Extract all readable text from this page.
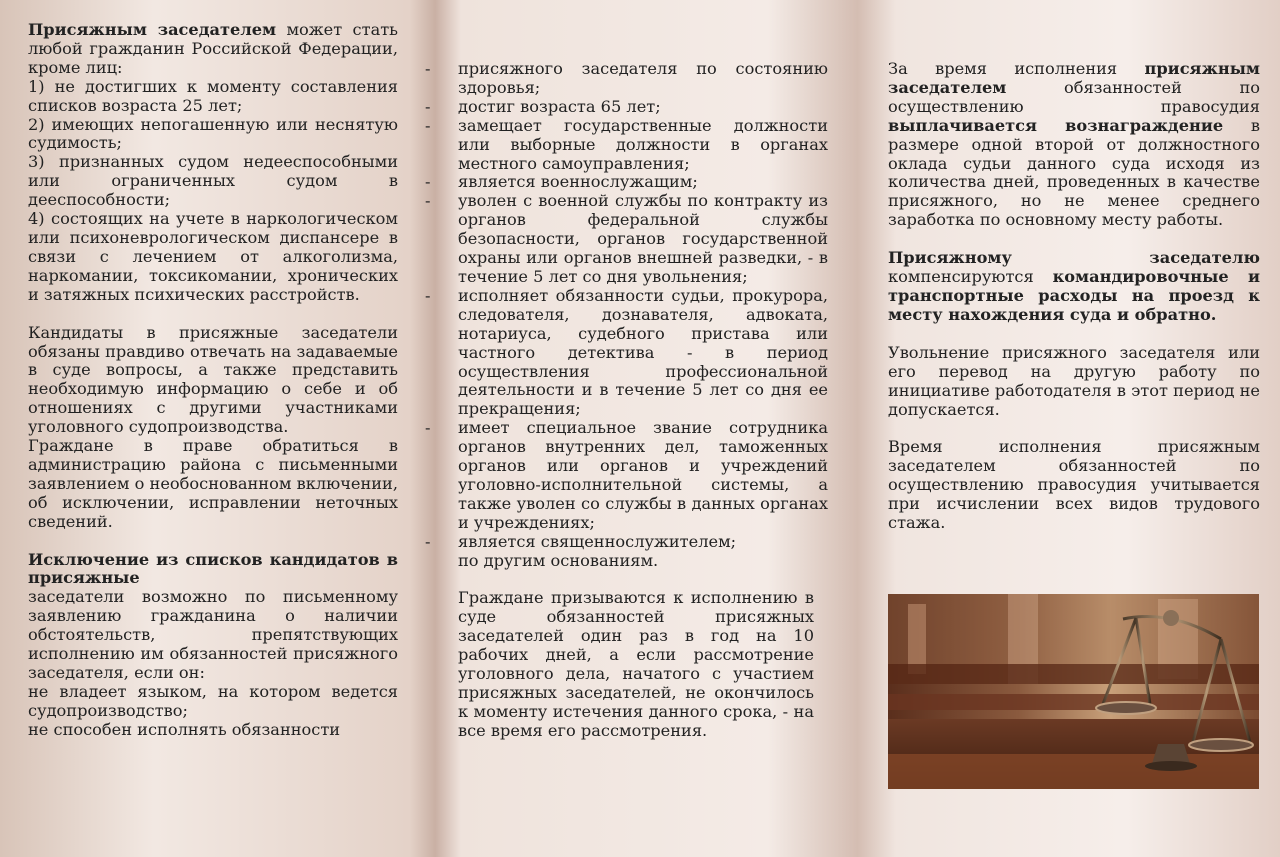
Присяжным заседателем может стать любой гражданин Российской Федерации, кроме лиц:

1) не достигших к моменту составления списков возраста 25 лет;

2) имеющих непогашенную или неснятую судимость;

3) признанных судом недееспособными или ограниченных судом в дееспособности;

4) состоящих на учете в наркологическом или психоневрологическом диспансере в связи с лечением от алкоголизма, наркомании, токсикомании, хронических и затяжных психических расстройств.

Кандидаты в присяжные заседатели обязаны правдиво отвечать на задаваемые в суде вопросы, а также представить необходимую информацию о себе и об отношениях с другими участниками уголовного судопроизводства.

Граждане в праве обратиться в администрацию района с письменными заявлением о необоснованном включении, об исключении, исправлении неточных сведений.

Исключение из списков кандидатов в присяжные

заседатели возможно по письменному заявлению гражданина о наличии обстоятельств, препятствующих исполнению им обязанностей присяжного заседателя, если он:

не владеет языком, на котором ведется судопроизводство;

не способен исполнять обязанности

- присяжного заседателя по состоянию здоровья;

- достиг возраста 65 лет;

- замещает государственные должности или выборные должности в органах местного самоуправления;

- является военнослужащим;

- уволен с военной службы по контракту из органов федеральной службы безопасности, органов государственной охраны или органов внешней разведки, - в течение 5 лет со дня увольнения;

- исполняет обязанности судьи, прокурора, следователя, дознавателя, адвоката, нотариуса, судебного пристава или частного детектива - в период осуществления профессиональной деятельности и в течение 5 лет со дня ее прекращения;

- имеет специальное звание сотрудника органов внутренних дел, таможенных органов или органов и учреждений уголовно-исполнительной системы, а также уволен со службы в данных органах и учреждениях;

- является священнослужителем;

по другим основаниям.

Граждане призываются к исполнению в суде обязанностей присяжных заседателей один раз в год на 10 рабочих дней, а если рассмотрение уголовного дела, начатого с участием присяжных заседателей, не окончилось к моменту истечения данного срока, - на все время его рассмотрения.

За время исполнения присяжным заседателем обязанностей по осуществлению правосудия выплачивается вознаграждение в размере одной второй от должностного оклада судьи данного суда исходя из количества дней, проведенных в качестве присяжного, но не менее среднего заработка по основному месту работы.

Присяжному заседателю компенсируются командировочные и транспортные расходы на проезд к месту нахождения суда и обратно.

Увольнение присяжного заседателя или его перевод на другую работу по инициативе работодателя в этот период не допускается.

Время исполнения присяжным заседателем обязанностей по осуществлению правосудия учитывается при исчислении всех видов трудового стажа.
